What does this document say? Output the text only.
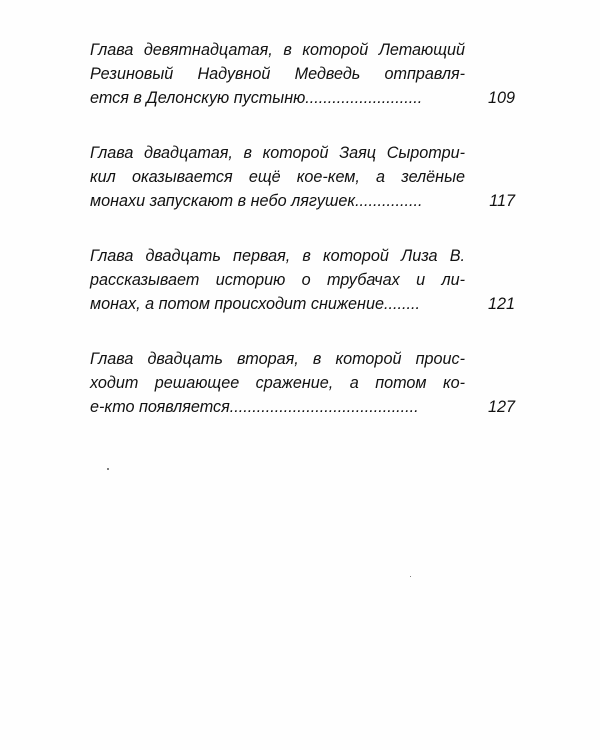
Глава девятнадцатая, в которой Летающий
Резиновый Надувной Медведь отправля-
ется в Делонскую пустыню..........................	109
Глава двадцатая, в которой Заяц Сыротри-
кил оказывается ещё кое-кем, а зелёные
монахи запускают в небо лягушек...............	117
Глава двадцать первая, в которой Лиза В.
рассказывает историю о трубачах и ли-
монах, а потом происходит снижение........	121
Глава двадцать вторая, в которой проис-
ходит решающее сражение, а потом ко-
е-кто появляется..........................................	127
